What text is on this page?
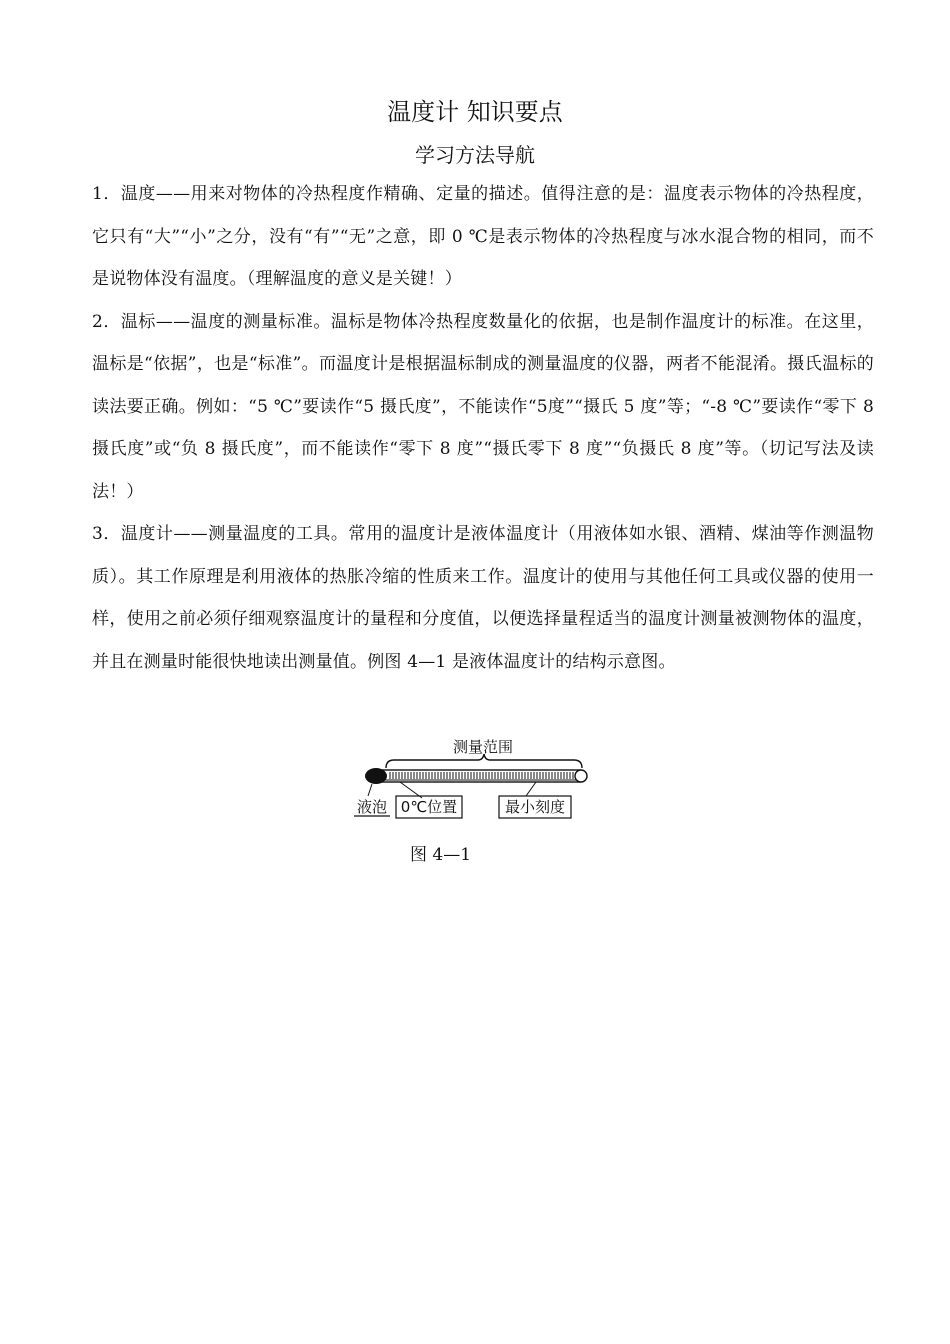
温度计 知识要点
学习方法导航

1．温度——用来对物体的冷热程度作精确、定量的描述。值得注意的是：温度表示物体的冷热程度，它只有“大”“小”之分，没有“有”“无”之意，即 0 ℃是表示物体的冷热程度与冰水混合物的相同，而不是说物体没有温度。（理解温度的意义是关键！）

2．温标——温度的测量标准。温标是物体冷热程度数量化的依据，也是制作温度计的标准。在这里，温标是“依据”，也是“标准”。而温度计是根据温标制成的测量温度的仪器，两者不能混淆。摄氏温标的读法要正确。例如：“5 ℃”要读作“5 摄氏度”，不能读作“5度”“摄氏 5 度”等；“-8 ℃”要读作“零下 8 摄氏度”或“负 8 摄氏度”，而不能读作“零下 8 度”“摄氏零下 8 度”“负摄氏 8 度”等。（切记写法及读法！）

3．温度计——测量温度的工具。常用的温度计是液体温度计（用液体如水银、酒精、煤油等作测温物质）。其工作原理是利用液体的热胀冷缩的性质来工作。温度计的使用与其他任何工具或仪器的使用一样，使用之前必须仔细观察温度计的量程和分度值，以便选择量程适当的温度计测量被测物体的温度，并且在测量时能很快地读出测量值。例图 4—1 是液体温度计的结构示意图。

测量范围
液泡 0℃位置	最小刻度
图 4—1
